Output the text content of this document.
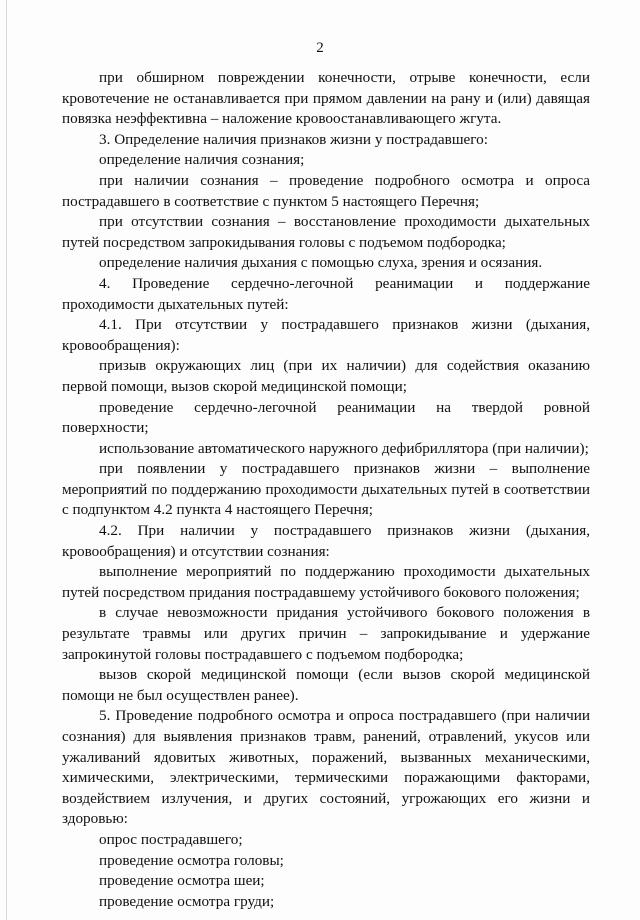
2

при обширном повреждении конечности, отрыве конечности, если кровотечение не останавливается при прямом давлении на рану и (или) давящая повязка неэффективна – наложение кровоостанавливающего жгута.

3. Определение наличия признаков жизни у пострадавшего:

определение наличия сознания;

при наличии сознания – проведение подробного осмотра и опроса пострадавшего в соответствие с пунктом 5 настоящего Перечня;

при отсутствии сознания – восстановление проходимости дыхательных путей посредством запрокидывания головы с подъемом подбородка;

определение наличия дыхания с помощью слуха, зрения и осязания.

4. Проведение сердечно-легочной реанимации и поддержание проходимости дыхательных путей:

4.1. При отсутствии у пострадавшего признаков жизни (дыхания, кровообращения):

призыв окружающих лиц (при их наличии) для содействия оказанию первой помощи, вызов скорой медицинской помощи;

проведение сердечно-легочной реанимации на твердой ровной поверхности;

использование автоматического наружного дефибриллятора (при наличии);

при появлении у пострадавшего признаков жизни – выполнение мероприятий по поддержанию проходимости дыхательных путей в соответствии с подпунктом 4.2 пункта 4 настоящего Перечня;

4.2. При наличии у пострадавшего признаков жизни (дыхания, кровообращения) и отсутствии сознания:

выполнение мероприятий по поддержанию проходимости дыхательных путей посредством придания пострадавшему устойчивого бокового положения;

в случае невозможности придания устойчивого бокового положения в результате травмы или других причин – запрокидывание и удержание запрокинутой головы пострадавшего с подъемом подбородка;

вызов скорой медицинской помощи (если вызов скорой медицинской помощи не был осуществлен ранее).

5. Проведение подробного осмотра и опроса пострадавшего (при наличии сознания) для выявления признаков травм, ранений, отравлений, укусов или ужаливаний ядовитых животных, поражений, вызванных механическими, химическими, электрическими, термическими поражающими факторами, воздействием излучения, и других состояний, угрожающих его жизни и здоровью:

опрос пострадавшего;

проведение осмотра головы;

проведение осмотра шеи;

проведение осмотра груди;
